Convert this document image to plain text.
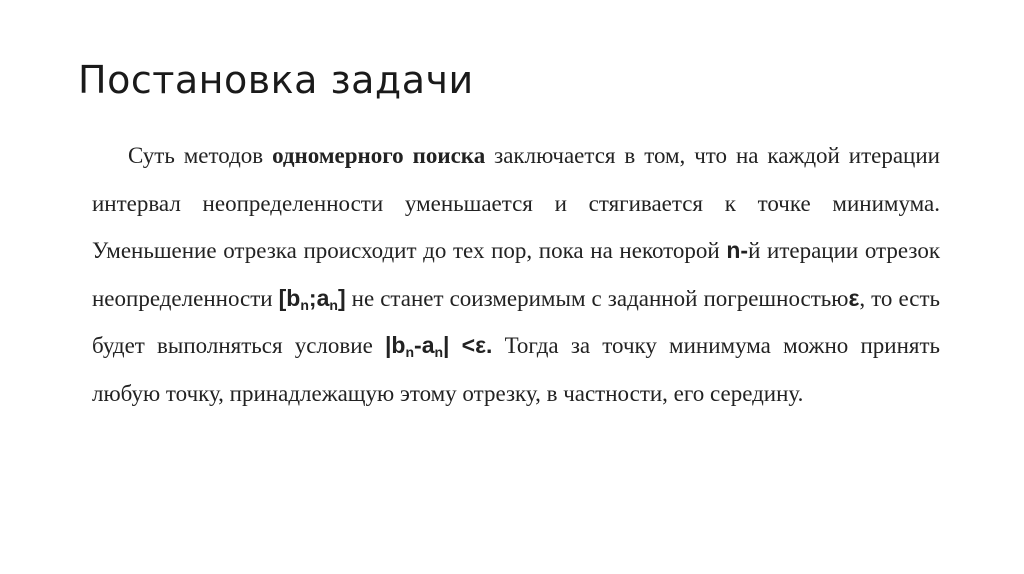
Постановка задачи

Суть методов одномерного поиска заключается в том, что на каждой итерации интервал неопределенности уменьшается и стягивается к точке минимума. Уменьшение отрезка происходит до тех пор, пока на некоторой n-й итерации отрезок неопределенности $[b_n;a_n]$ не станет соизмеримым с заданной погрешностьюε, то есть будет выполняться условие $|b_n-a_n| <\varepsilon$. Тогда за точку минимума можно принять любую точку, принадлежащую этому отрезку, в частности, его середину.
